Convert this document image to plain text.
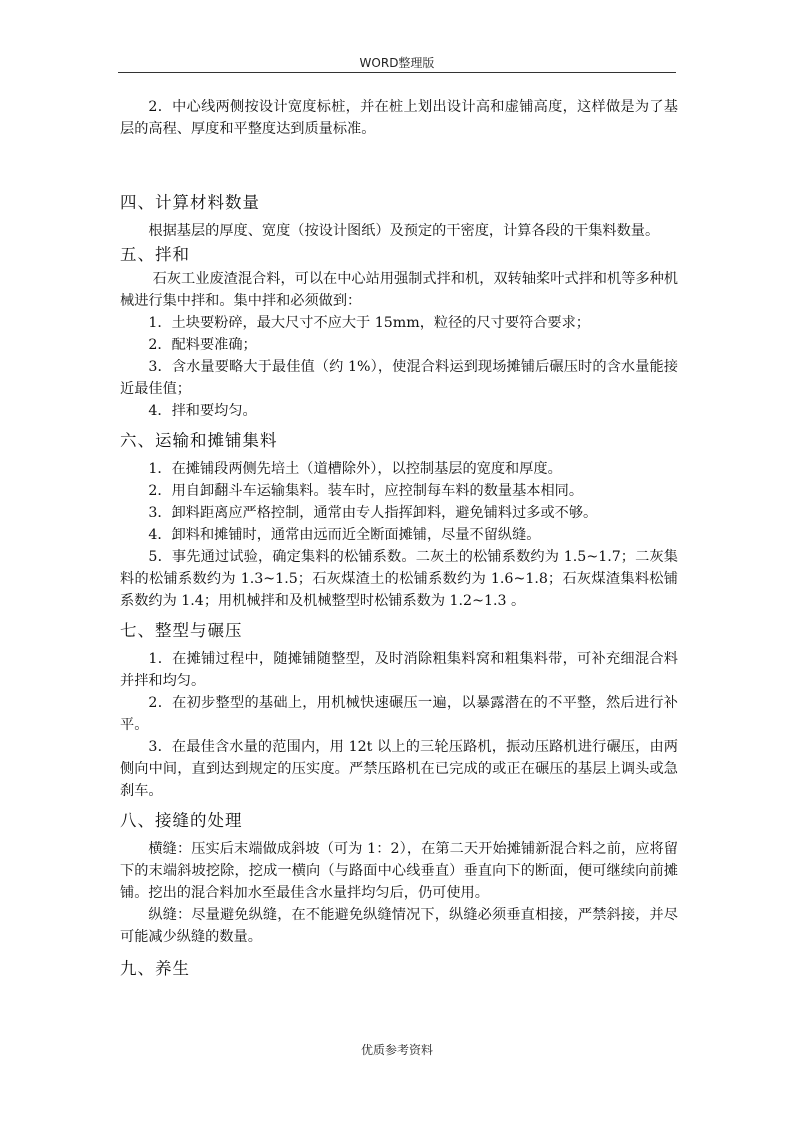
WORD整理版

2．中心线两侧按设计宽度标桩，并在桩上划出设计高和虚铺高度，这样做是为了基层的高程、厚度和平整度达到质量标准。

四、计算材料数量

根据基层的厚度、宽度（按设计图纸）及预定的干密度，计算各段的干集料数量。

五、拌和

石灰工业废渣混合料，可以在中心站用强制式拌和机，双转轴桨叶式拌和机等多种机械进行集中拌和。集中拌和必须做到：

1．土块要粉碎，最大尺寸不应大于 15mm，粒径的尺寸要符合要求；

2．配料要准确；

3．含水量要略大于最佳值（约 1%），使混合料运到现场摊铺后碾压时的含水量能接近最佳值；

4．拌和要均匀。

六、运输和摊铺集料

1．在摊铺段两侧先培土（道槽除外），以控制基层的宽度和厚度。

2．用自卸翻斗车运输集料。装车时，应控制每车料的数量基本相同。

3．卸料距离应严格控制，通常由专人指挥卸料，避免铺料过多或不够。

4．卸料和摊铺时，通常由远而近全断面摊铺，尽量不留纵缝。

5．事先通过试验，确定集料的松铺系数。二灰土的松铺系数约为 1.5~1.7；二灰集料的松铺系数约为 1.3~1.5；石灰煤渣土的松铺系数约为 1.6~1.8；石灰煤渣集料松铺系数约为 1.4；用机械拌和及机械整型时松铺系数为 1.2~1.3 。

七、整型与碾压

1．在摊铺过程中，随摊铺随整型，及时消除粗集料窝和粗集料带，可补充细混合料并拌和均匀。

2．在初步整型的基础上，用机械快速碾压一遍，以暴露潜在的不平整，然后进行补平。

3．在最佳含水量的范围内，用 12t 以上的三轮压路机，振动压路机进行碾压，由两侧向中间，直到达到规定的压实度。严禁压路机在已完成的或正在碾压的基层上调头或急刹车。

八、接缝的处理

横缝：压实后末端做成斜坡（可为 1：2），在第二天开始摊铺新混合料之前，应将留下的末端斜坡挖除，挖成一横向（与路面中心线垂直）垂直向下的断面，便可继续向前摊铺。挖出的混合料加水至最佳含水量拌均匀后，仍可使用。

纵缝：尽量避免纵缝，在不能避免纵缝情况下，纵缝必须垂直相接，严禁斜接，并尽可能减少纵缝的数量。

九、养生
优质参考资料
